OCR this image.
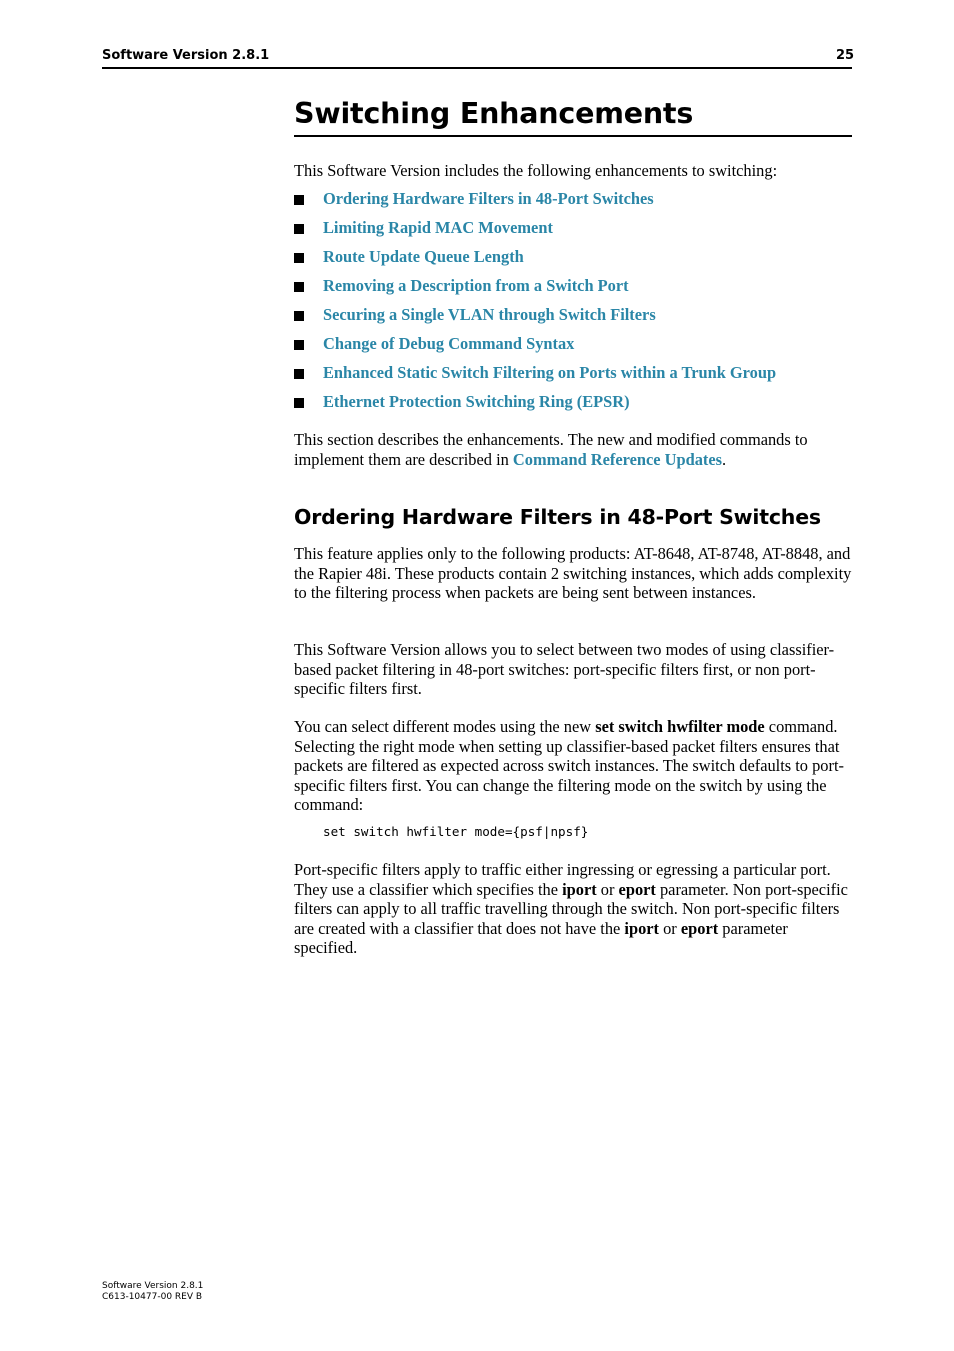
Software Version 2.8.1	25
Switching Enhancements

This Software Version includes the following enhancements to switching:

Ordering Hardware Filters in 48-Port Switches
Limiting Rapid MAC Movement
Route Update Queue Length
Removing a Description from a Switch Port
Securing a Single VLAN through Switch Filters
Change of Debug Command Syntax
Enhanced Static Switch Filtering on Ports within a Trunk Group
Ethernet Protection Switching Ring (EPSR)

This section describes the enhancements. The new and modified commands to implement them are described in Command Reference Updates.

Ordering Hardware Filters in 48-Port Switches

This feature applies only to the following products: AT-8648, AT-8748, AT-8848, and the Rapier 48i. These products contain 2 switching instances, which adds complexity to the filtering process when packets are being sent between instances.

This Software Version allows you to select between two modes of using classifier-based packet filtering in 48-port switches: port-specific filters first, or non port-specific filters first.

You can select different modes using the new set switch hwfilter mode command. Selecting the right mode when setting up classifier-based packet filters ensures that packets are filtered as expected across switch instances. The switch defaults to port-specific filters first. You can change the filtering mode on the switch by using the command:

set switch hwfilter mode={psf|npsf}

Port-specific filters apply to traffic either ingressing or egressing a particular port. They use a classifier which specifies the iport or eport parameter. Non port-specific filters can apply to all traffic travelling through the switch. Non port-specific filters are created with a classifier that does not have the iport or eport parameter specified.

Software Version 2.8.1
C613-10477-00 REV B
